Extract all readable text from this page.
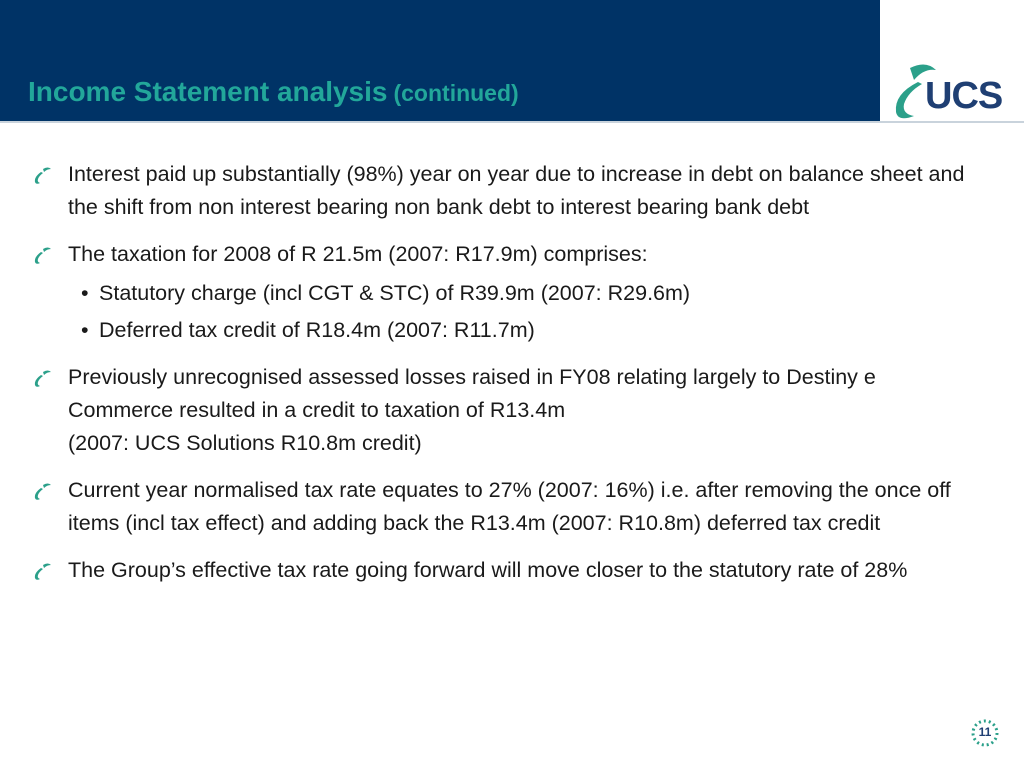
Income Statement analysis (continued)	UCS
Interest paid up substantially (98%) year on year due to increase in debt on balance sheet and the shift from non interest bearing non bank debt to interest bearing bank debt
The taxation for 2008 of R 21.5m (2007: R17.9m) comprises:
• Statutory charge (incl CGT & STC) of R39.9m (2007: R29.6m)
• Deferred tax credit of R18.4m (2007: R11.7m)
Previously unrecognised assessed losses raised in FY08 relating largely to Destiny e Commerce resulted in a credit to taxation of R13.4m
(2007: UCS Solutions R10.8m credit)
Current year normalised tax rate equates to 27% (2007: 16%) i.e. after removing the once off items (incl tax effect) and adding back the R13.4m (2007: R10.8m) deferred tax credit
The Group’s effective tax rate going forward will move closer to the statutory rate of 28%
11
